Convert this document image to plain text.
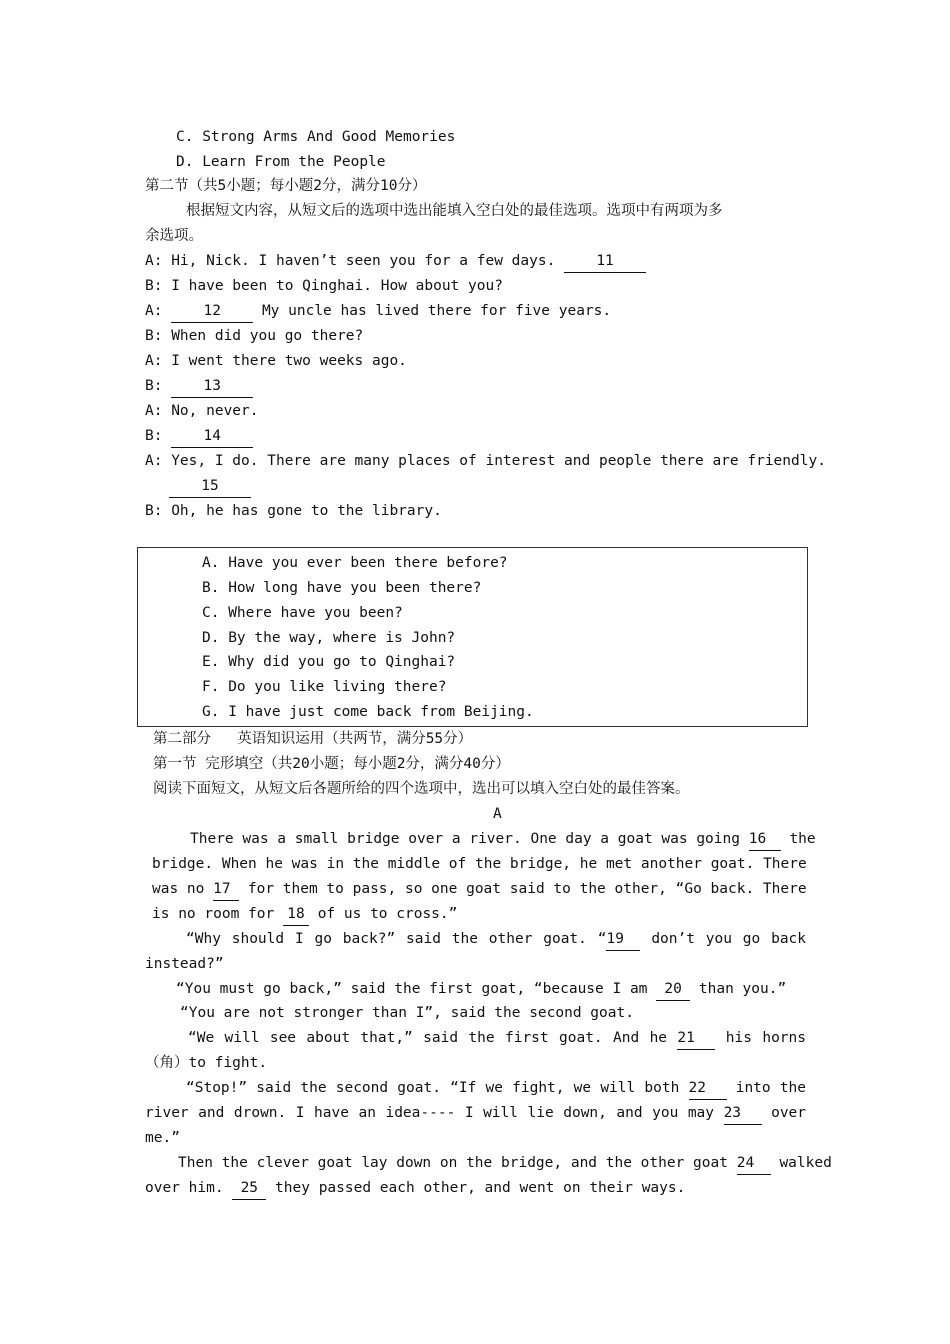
C. Strong Arms And Good Memories
D. Learn From the People
第二节（共5小题；每小题2分，满分10分）
根据短文内容，从短文后的选项中选出能填入空白处的最佳选项。选项中有两项为多
余选项。
A: Hi, Nick. I haven’t seen you for a few days.	11
B: I have been to Qinghai. How about you?
A:	12	My uncle has lived there for five years.
B: When did you go there?
A: I went there two weeks ago.
B:	13
A: No, never.
B:	14
A: Yes, I do. There are many places of interest and people there are friendly.
15
B: Oh, he has gone to the library.
A. Have you ever been there before?
B. How long have you been there?
C. Where have you been?
D. By the way, where is John?
E. Why did you go to Qinghai?
F. Do you like living there?
G. I have just come back from Beijing.
第二部分   英语知识运用（共两节，满分55分）
第一节 完形填空（共20小题；每小题2分，满分40分）
阅读下面短文，从短文后各题所给的四个选项中，选出可以填入空白处的最佳答案。
A
There was a small bridge over a river. One day a goat was going 16 the
bridge. When he was in the middle of the bridge, he met another goat. There
was no 17 for them to pass, so one goat said to the other, “Go back. There
is no room for 18 of us to cross.”
“Why should I go back?” said the other goat. “19 don’t you go back
instead?”
“You must go back,” said the first goat, “because I am 20 than you.”
“You are not stronger than I”, said the second goat.
“We will see about that,” said the first goat. And he 21 his horns
（角）to fight.
“Stop!” said the second goat. “If we fight, we will both 22 into the
river and drown. I have an idea---- I will lie down, and you may 23 over
me.”
Then the clever goat lay down on the bridge, and the other goat 24 walked
over him. 25 they passed each other, and went on their ways.
